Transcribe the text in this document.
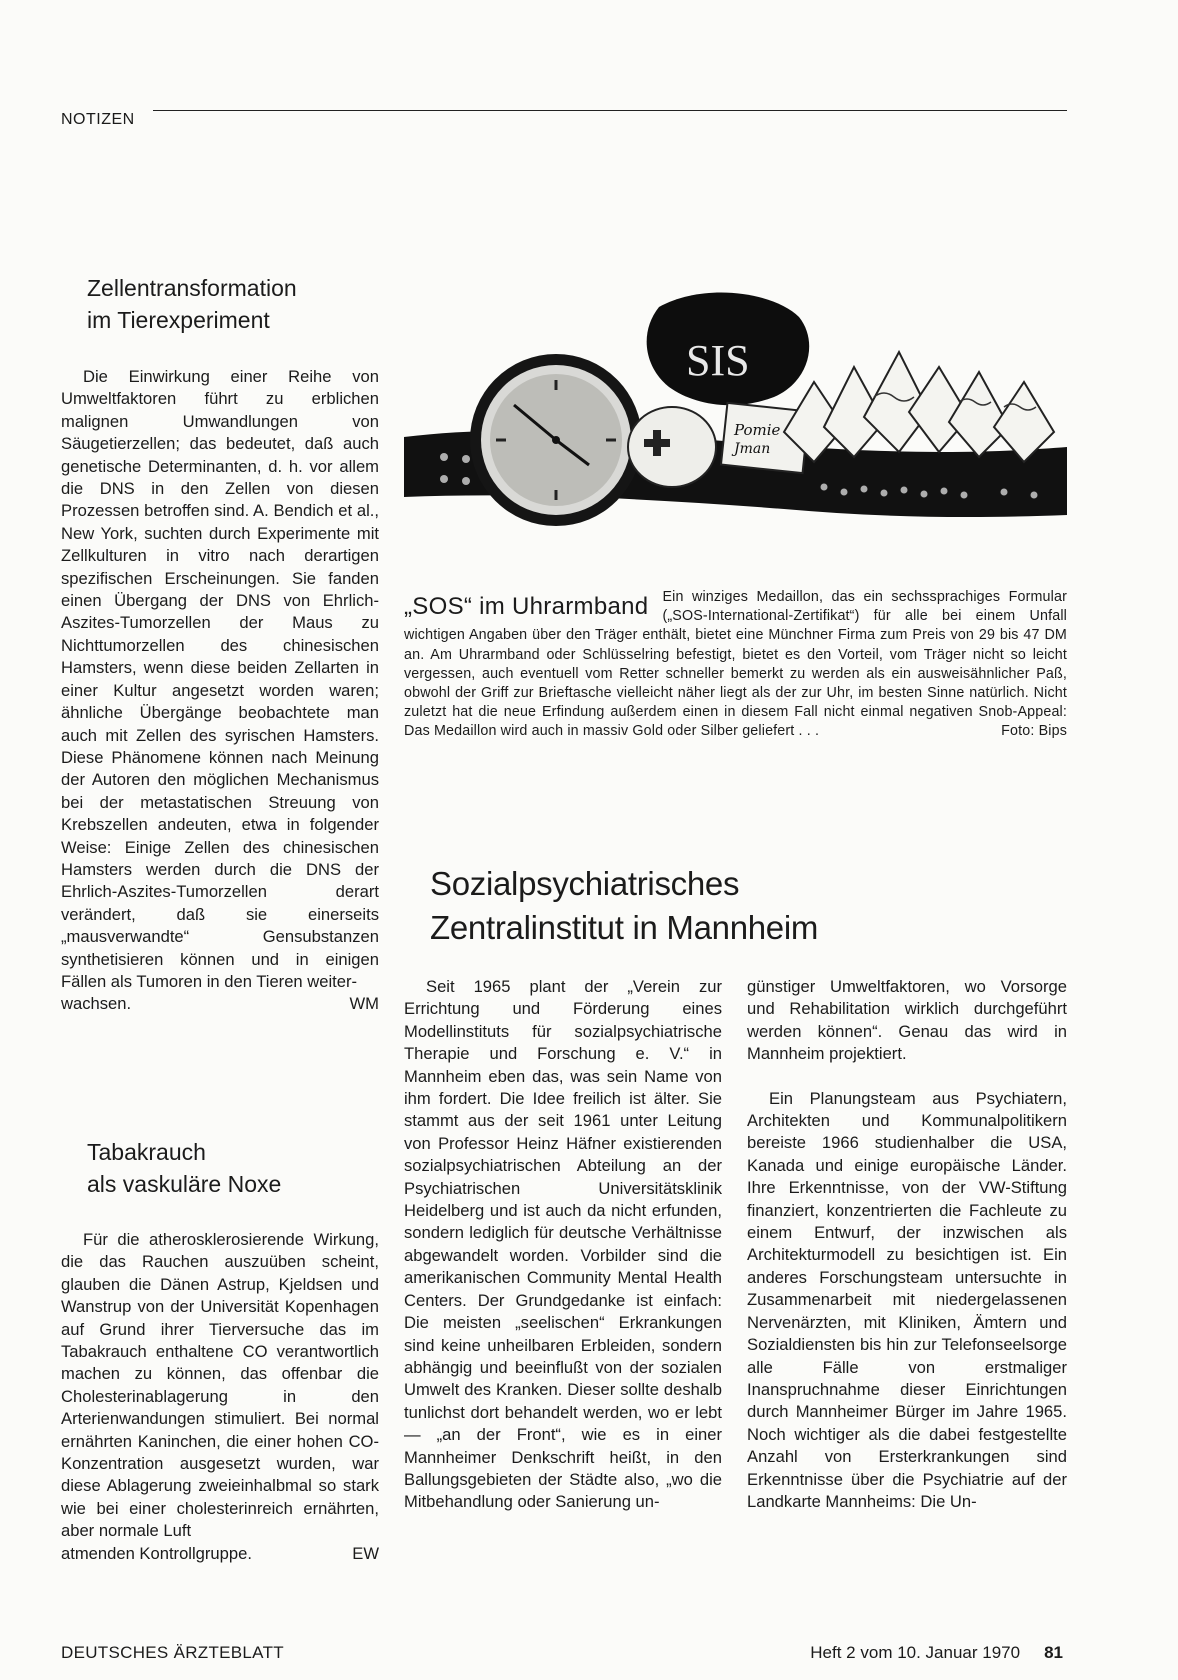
NOTIZEN
Zellentransformation
im Tierexperiment

Die Einwirkung einer Reihe von Umweltfaktoren führt zu erblichen malignen Umwandlungen von Säugetierzellen; das bedeutet, daß auch genetische Determinanten, d. h. vor allem die DNS in den Zellen von diesen Prozessen betroffen sind. A. Bendich et al., New York, suchten durch Experimente mit Zellkulturen in vitro nach derartigen spezifischen Erscheinungen. Sie fanden einen Übergang der DNS von Ehrlich-Aszites-Tumorzellen der Maus zu Nichttumorzellen des chinesischen Hamsters, wenn diese beiden Zellarten in einer Kultur angesetzt worden waren; ähnliche Übergänge beobachtete man auch mit Zellen des syrischen Hamsters. Diese Phänomene können nach Meinung der Autoren den möglichen Mechanismus bei der metastatischen Streuung von Krebszellen andeuten, etwa in folgender Weise: Einige Zellen des chinesischen Hamsters werden durch die DNS der Ehrlich-Aszites-Tumorzellen derart verändert, daß sie einerseits „mausverwandte“ Gensubstanzen synthetisieren können und in einigen Fällen als Tumoren in den Tieren weiter-

wachsen.	WM
Tabakrauch
als vaskuläre Noxe

Für die atherosklerosierende Wirkung, die das Rauchen auszuüben scheint, glauben die Dänen Astrup, Kjeldsen und Wanstrup von der Universität Kopenhagen auf Grund ihrer Tierversuche das im Tabakrauch enthaltene CO verantwortlich machen zu können, das offenbar die Cholesterinablagerung in den Arterienwandungen stimuliert. Bei normal ernährten Kaninchen, die einer hohen CO-Konzentration ausgesetzt wurden, war diese Ablagerung zweieinhalbmal so stark wie bei einer cholesterinreich ernährten, aber normale Luft

atmenden Kontrollgruppe.	EW
SIS
Pomie
Jman
„SOS“ im Uhrarmband Ein winziges Medaillon, das ein sechssprachiges Formular („SOS-International-Zertifikat“) für alle bei einem Unfall wichtigen Angaben über den Träger enthält, bietet eine Münchner Firma zum Preis von 29 bis 47 DM an. Am Uhrarmband oder Schlüsselring befestigt, bietet es den Vorteil, vom Träger nicht so leicht vergessen, auch eventuell vom Retter schneller bemerkt zu werden als ein ausweisähnlicher Paß, obwohl der Griff zur Brieftasche vielleicht näher liegt als der zur Uhr, im besten Sinne natürlich. Nicht zuletzt hat die neue Erfindung außerdem einen in diesem Fall nicht einmal negativen Snob-Appeal: Das Medaillon wird auch in massiv Gold oder Silber geliefert . . .	Foto: Bips
Sozialpsychiatrisches
Zentralinstitut in Mannheim

Seit 1965 plant der „Verein zur Errichtung und Förderung eines Modellinstituts für sozialpsychiatrische Therapie und Forschung e. V.“ in Mannheim eben das, was sein Name von ihm fordert. Die Idee freilich ist älter. Sie stammt aus der seit 1961 unter Leitung von Professor Heinz Häfner existierenden sozialpsychiatrischen Abteilung an der Psychiatrischen Universitätsklinik Heidelberg und ist auch da nicht erfunden, sondern lediglich für deutsche Verhältnisse abgewandelt worden. Vorbilder sind die amerikanischen Community Mental Health Centers. Der Grundgedanke ist einfach: Die meisten „seelischen“ Erkrankungen sind keine unheilbaren Erbleiden, sondern abhängig und beeinflußt von der sozialen Umwelt des Kranken. Dieser sollte deshalb tunlichst dort behandelt werden, wo er lebt — „an der Front“, wie es in einer Mannheimer Denkschrift heißt, in den Ballungsgebieten der Städte also, „wo die Mitbehandlung oder Sanierung un-

günstiger Umweltfaktoren, wo Vorsorge und Rehabilitation wirklich durchgeführt werden können“. Genau das wird in Mannheim projektiert.

Ein Planungsteam aus Psychiatern, Architekten und Kommunalpolitikern bereiste 1966 studienhalber die USA, Kanada und einige europäische Länder. Ihre Erkenntnisse, von der VW-Stiftung finanziert, konzentrierten die Fachleute zu einem Entwurf, der inzwischen als Architekturmodell zu besichtigen ist. Ein anderes Forschungsteam untersuchte in Zusammenarbeit mit niedergelassenen Nervenärzten, mit Kliniken, Ämtern und Sozialdiensten bis hin zur Telefonseelsorge alle Fälle von erstmaliger Inanspruchnahme dieser Einrichtungen durch Mannheimer Bürger im Jahre 1965. Noch wichtiger als die dabei festgestellte Anzahl von Ersterkrankungen sind Erkenntnisse über die Psychiatrie auf der Landkarte Mannheims: Die Un-

DEUTSCHES ÄRZTEBLATT	Heft 2 vom 10. Januar 1970 81
